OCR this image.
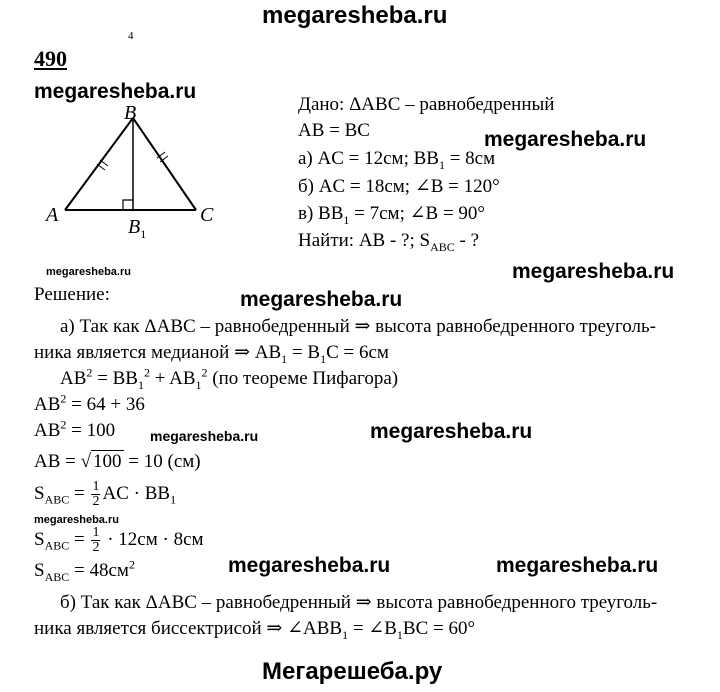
megaresheba.ru
4
490
megaresheba.ru
B
A	C
$B_1$
Дано: ΔABC – равнобедренный
AB = BC	megaresheba.ru
а) AC = 12см; $BB_1 = 8см$
б) AC = 18см; ∠B = 120°
в) $BB_1 = 7см$; ∠B = 90°
Найти: AB - ?; $S_{ABC}$ - ?
megaresheba.ru	megaresheba.ru
Решение:	megaresheba.ru
а) Так как ΔABC – равнобедренный ⇒ высота равнобедренного треуголь-
ника является медианой ⇒ $AB_1 = B_1C = 6см$
$AB^2 = BB_1^2 + AB_1^2$ (по теореме Пифагора)
$AB^2 = 64 + 36$
$AB^2 = 100$ megaresheba.ru	megaresheba.ru
AB = √ 100 = 10 (см)
$S_{ABC} = \frac{1}{2}$ AC · $BB_1$
megaresheba.ru
$S_{ABC} = \frac{1}{2} \cdot 12см \cdot 8см$
$S_{ABC} = 48см^2$	megaresheba.ru	megaresheba.ru
б) Так как ΔABC – равнобедренный ⇒ высота равнобедренного треуголь-
ника является биссектрисой ⇒ $\angle ABB_1$ = $\angle B_1BC = 60^\circ$
Мегарешеба.ру
